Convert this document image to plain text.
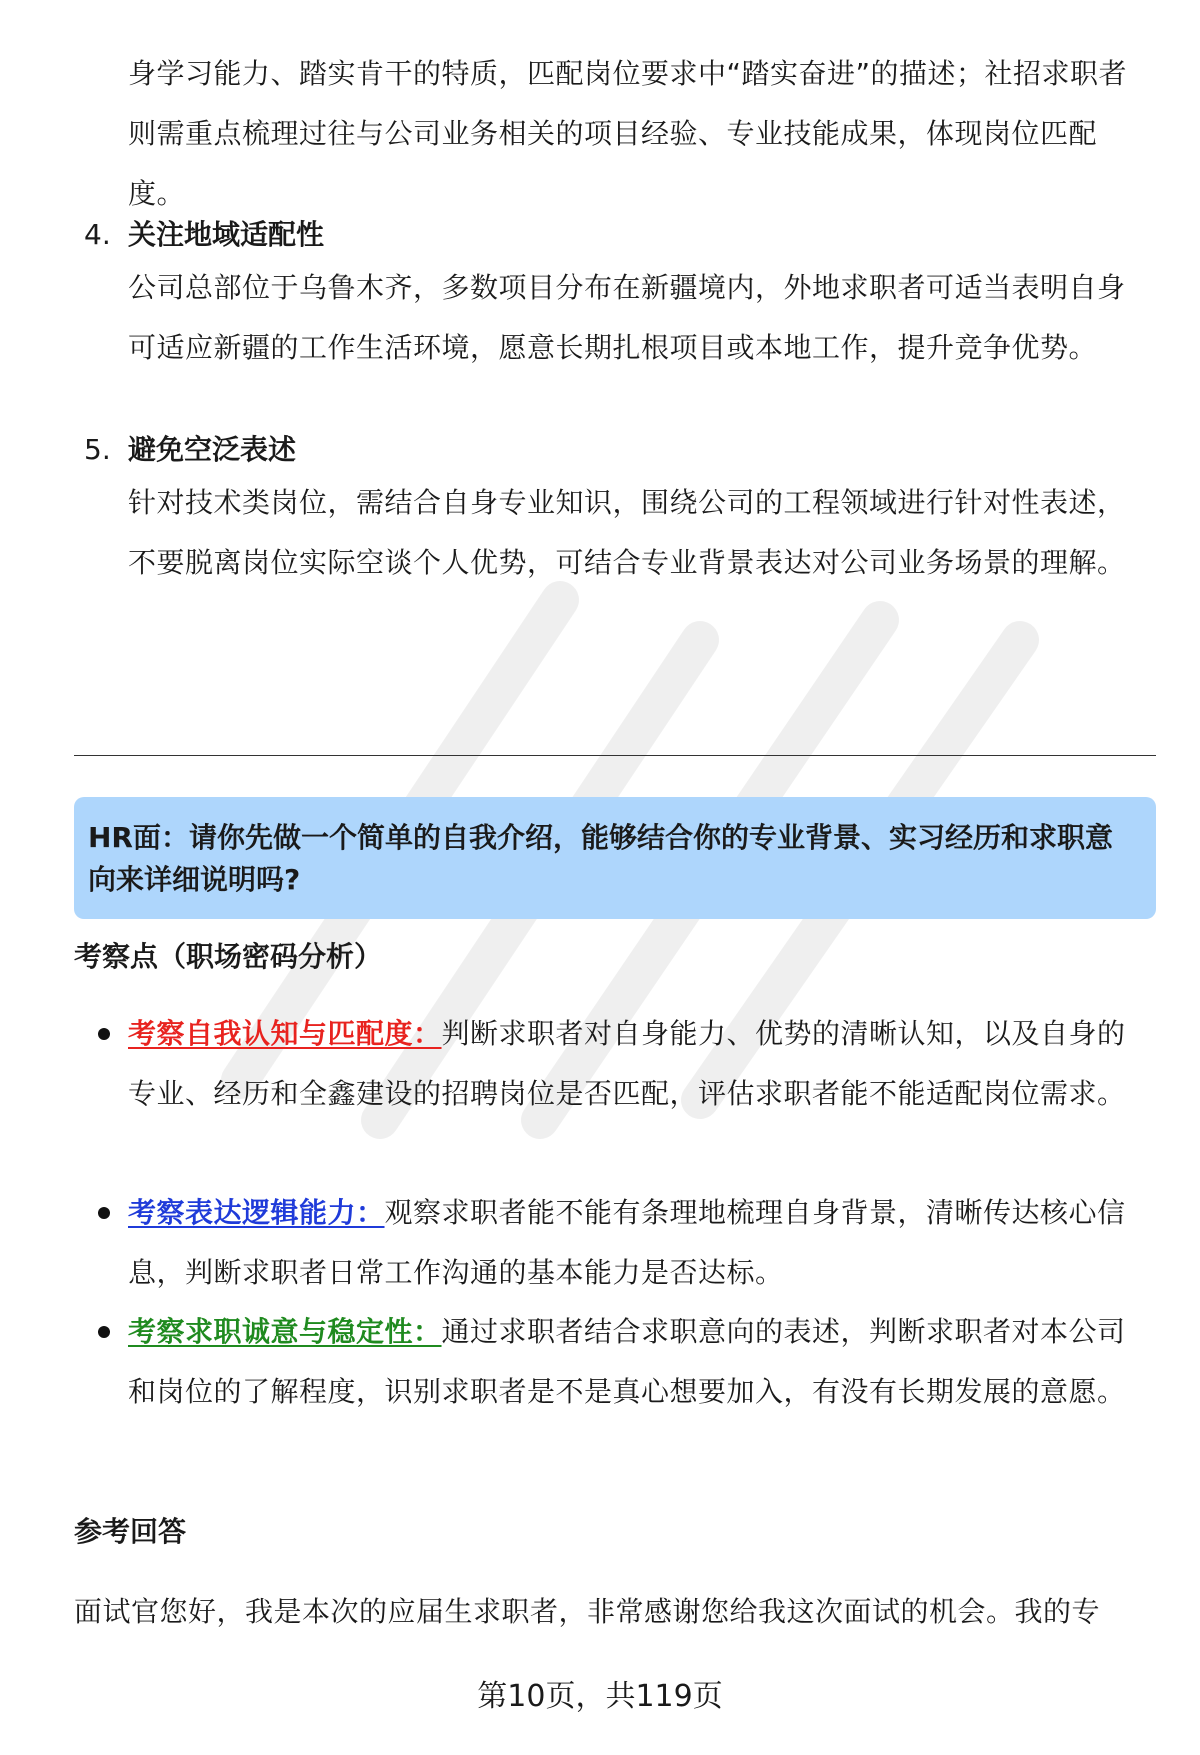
身学习能力、踏实肯干的特质，匹配岗位要求中“踏实奋进”的描述；社招求职者则需重点梳理过往与公司业务相关的项目经验、专业技能成果，体现岗位匹配度。

4. 关注地域适配性

公司总部位于乌鲁木齐，多数项目分布在新疆境内，外地求职者可适当表明自身可适应新疆的工作生活环境，愿意长期扎根项目或本地工作，提升竞争优势。

5. 避免空泛表述

针对技术类岗位，需结合自身专业知识，围绕公司的工程领域进行针对性表述，不要脱离岗位实际空谈个人优势，可结合专业背景表达对公司业务场景的理解。

HR面：请你先做一个简单的自我介绍，能够结合你的专业背景、实习经历和求职意向来详细说明吗?
考察点（职场密码分析）
考察自我认知与匹配度：判断求职者对自身能力、优势的清晰认知，以及自身的专业、经历和全鑫建设的招聘岗位是否匹配，评估求职者能不能适配岗位需求。
考察表达逻辑能力：观察求职者能不能有条理地梳理自身背景，清晰传达核心信息，判断求职者日常工作沟通的基本能力是否达标。
考察求职诚意与稳定性：通过求职者结合求职意向的表述，判断求职者对本公司和岗位的了解程度，识别求职者是不是真心想要加入，有没有长期发展的意愿。
参考回答

面试官您好，我是本次的应届生求职者，非常感谢您给我这次面试的机会。我的专

第10页，共119页
